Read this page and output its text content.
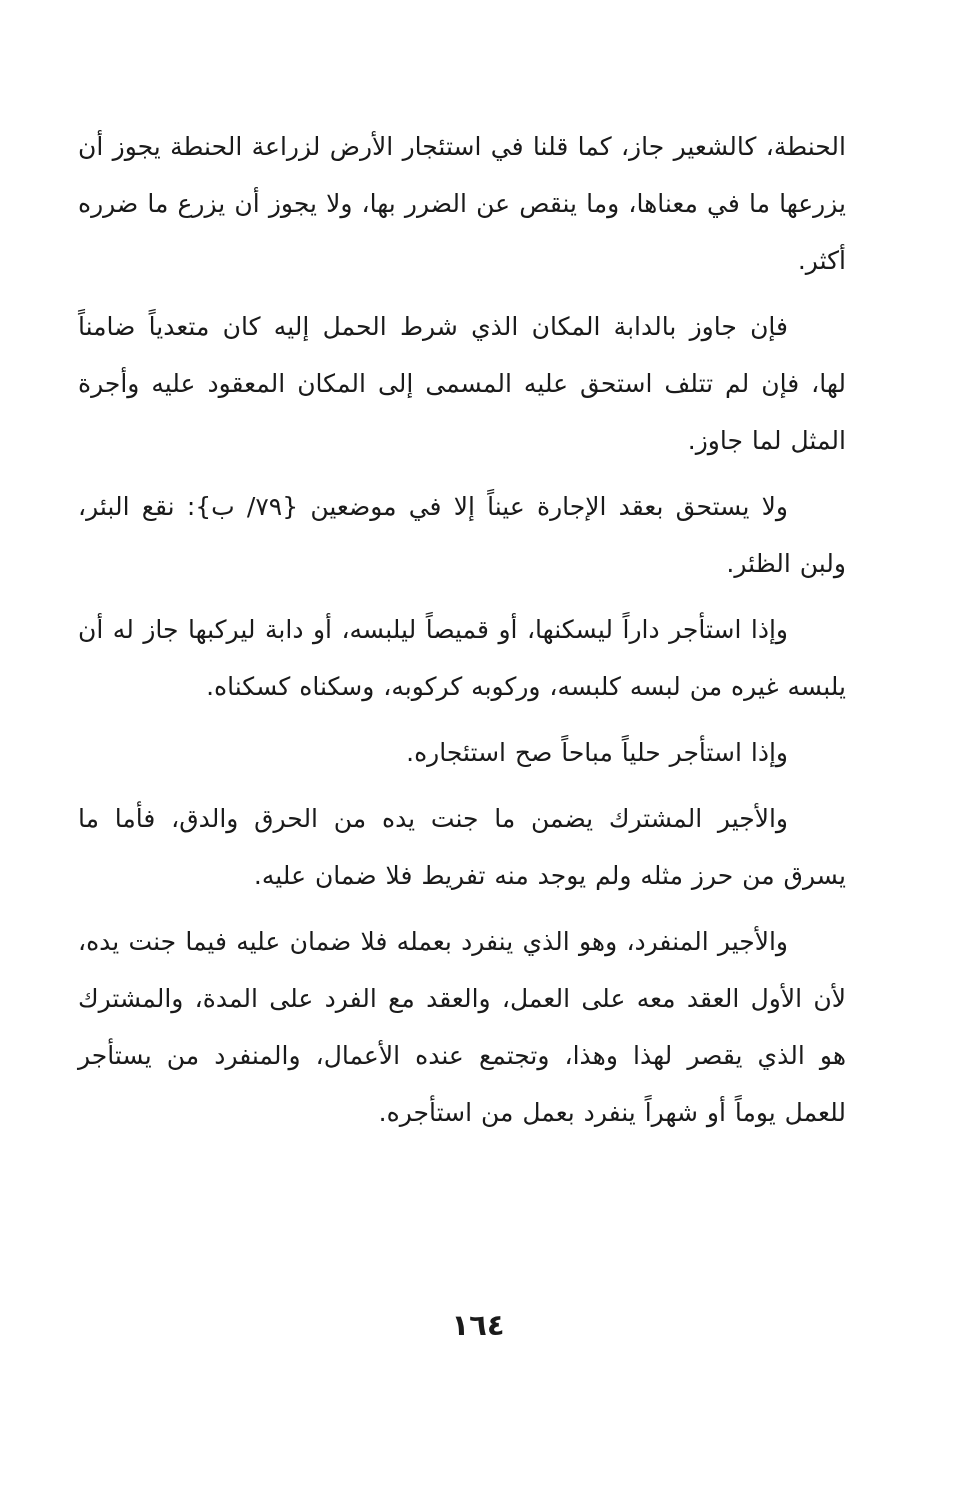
الحنطة، كالشعير جاز، كما قلنا في استئجار الأرض لزراعة الحنطة يجوز أن يزرعها ما في معناها، وما ينقص عن الضرر بها، ولا يجوز أن يزرع ما ضرره أكثر.

فإن جاوز بالدابة المكان الذي شرط الحمل إليه كان متعدياً ضامناً لها، فإن لم تتلف استحق عليه المسمى إلى المكان المعقود عليه وأجرة المثل لما جاوز.

ولا يستحق بعقد الإجارة عيناً إلا في موضعين {٧٩/ ب}: نقع البئر، ولبن الظئر.

وإذا استأجر داراً ليسكنها، أو قميصاً ليلبسه، أو دابة ليركبها جاز له أن يلبسه غيره من لبسه كلبسه، وركوبه كركوبه، وسكناه كسكناه.

وإذا استأجر حلياً مباحاً صح استئجاره.

والأجير المشترك يضمن ما جنت يده من الحرق والدق، فأما ما يسرق من حرز مثله ولم يوجد منه تفريط فلا ضمان عليه.

والأجير المنفرد، وهو الذي ينفرد بعمله فلا ضمان عليه فيما جنت يده، لأن الأول العقد معه على العمل، والعقد مع الفرد على المدة، والمشترك هو الذي يقصر لهذا وهذا، وتجتمع عنده الأعمال، والمنفرد من يستأجر للعمل يوماً أو شهراً ينفرد بعمل من استأجره.

١٦٤
